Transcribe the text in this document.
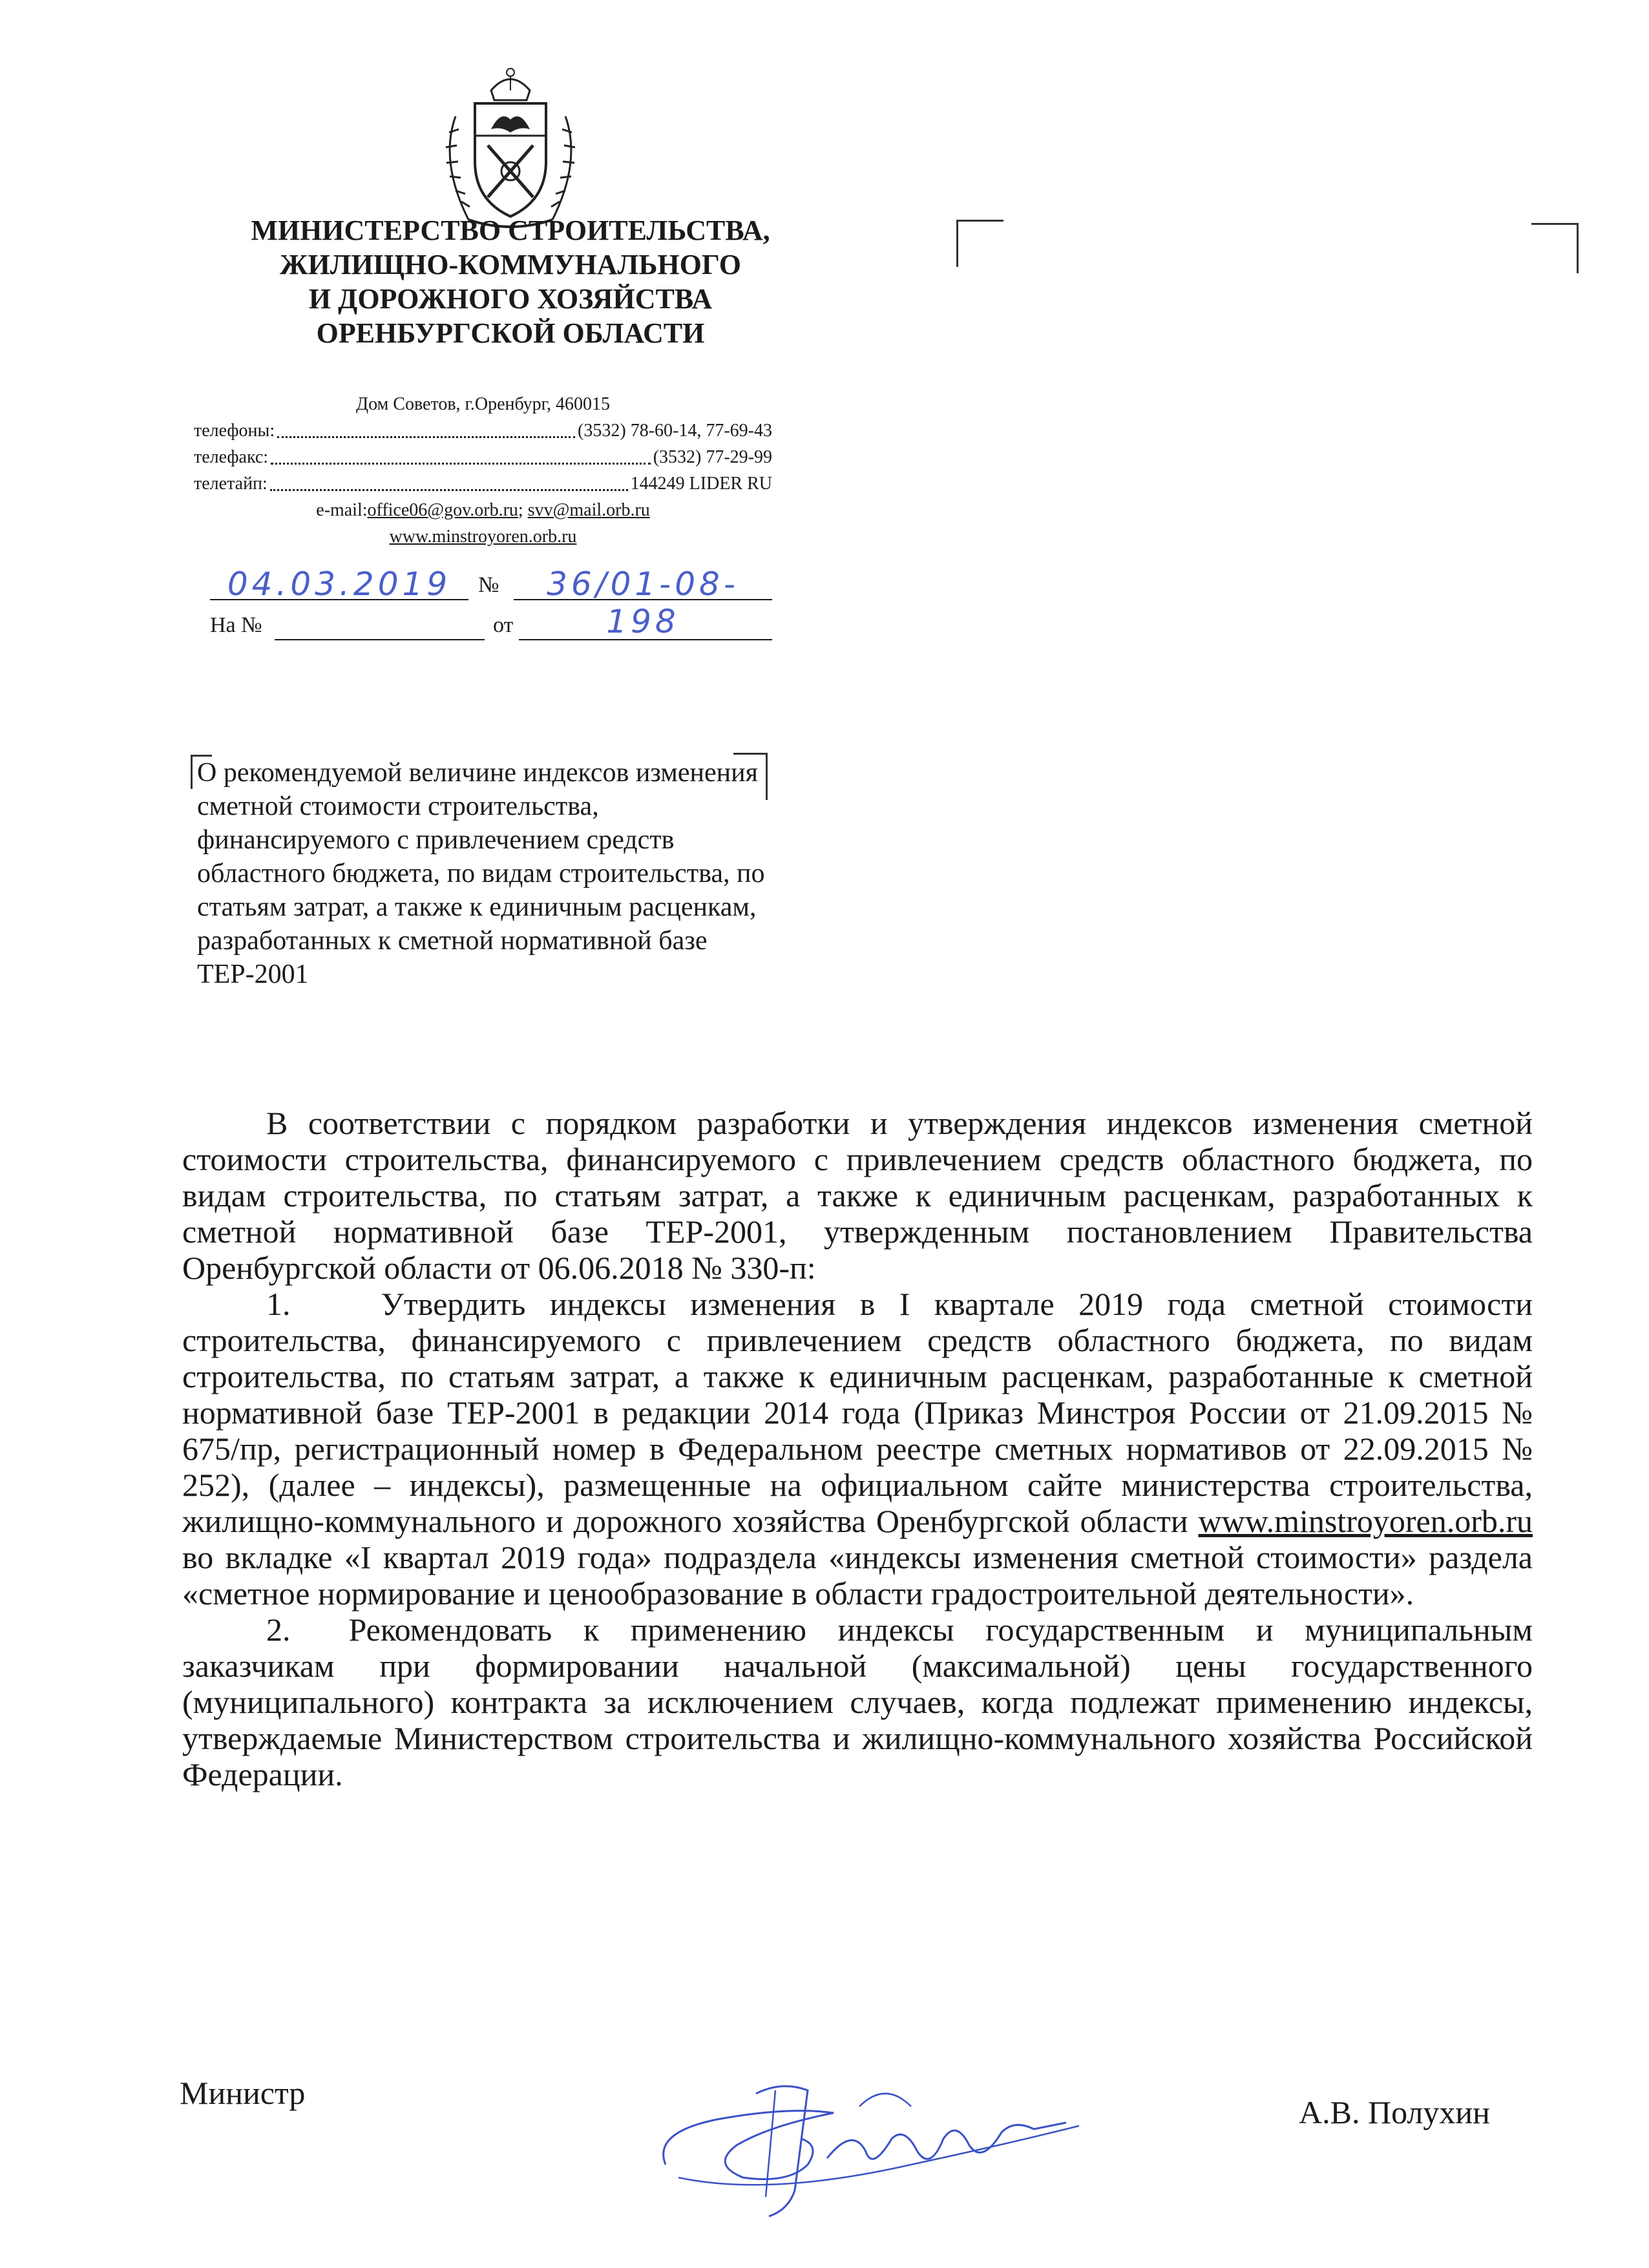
МИНИСТЕРСТВО СТРОИТЕЛЬСТВА,
ЖИЛИЩНО-КОММУНАЛЬНОГО
И ДОРОЖНОГО ХОЗЯЙСТВА
ОРЕНБУРГСКОЙ ОБЛАСТИ
Дом Советов, г.Оренбург, 460015
телефоны:	(3532) 78-60-14, 77-69-43
телефакс:	(3532) 77-29-99
телетайп:	144249 LIDER RU
e-mail:office06@gov.orb.ru; svv@mail.orb.ru
www.minstroyoren.orb.ru
04.03.2019	№	36/01-08-198
На №	от
О рекомендуемой величине индексов изменения сметной стоимости строительства, финансируемого с привлечением средств областного бюджета, по видам строительства, по статьям затрат, а также к единичным расценкам, разработанных к сметной нормативной базе ТЕР-2001

В соответствии с порядком разработки и утверждения индексов изменения сметной стоимости строительства, финансируемого с привлечением средств областного бюджета, по видам строительства, по статьям затрат, а также к единичным расценкам, разработанных к сметной нормативной базе ТЕР-2001, утвержденным постановлением Правительства Оренбургской области от 06.06.2018 № 330-п:

1.	Утвердить индексы изменения в I квартале 2019 года сметной стоимости строительства, финансируемого с привлечением средств областного бюджета, по видам строительства, по статьям затрат, а также к единичным расценкам, разработанные к сметной нормативной базе ТЕР-2001 в редакции 2014 года (Приказ Минстроя России от 21.09.2015 № 675/пр, регистрационный номер в Федеральном реестре сметных нормативов от 22.09.2015 № 252), (далее – индексы), размещенные на официальном сайте министерства строительства, жилищно-коммунального и дорожного хозяйства Оренбургской области www.minstroyoren.orb.ru во вкладке «I квартал 2019 года» подраздела «индексы изменения сметной стоимости» раздела «сметное нормирование и ценообразование в области градостроительной деятельности».

2. Рекомендовать к применению индексы государственным и муниципальным заказчикам при формировании начальной (максимальной) цены государственного (муниципального) контракта за исключением случаев, когда подлежат применению индексы, утверждаемые Министерством строительства и жилищно-коммунального хозяйства Российской Федерации.

Министр
А.В. Полухин
